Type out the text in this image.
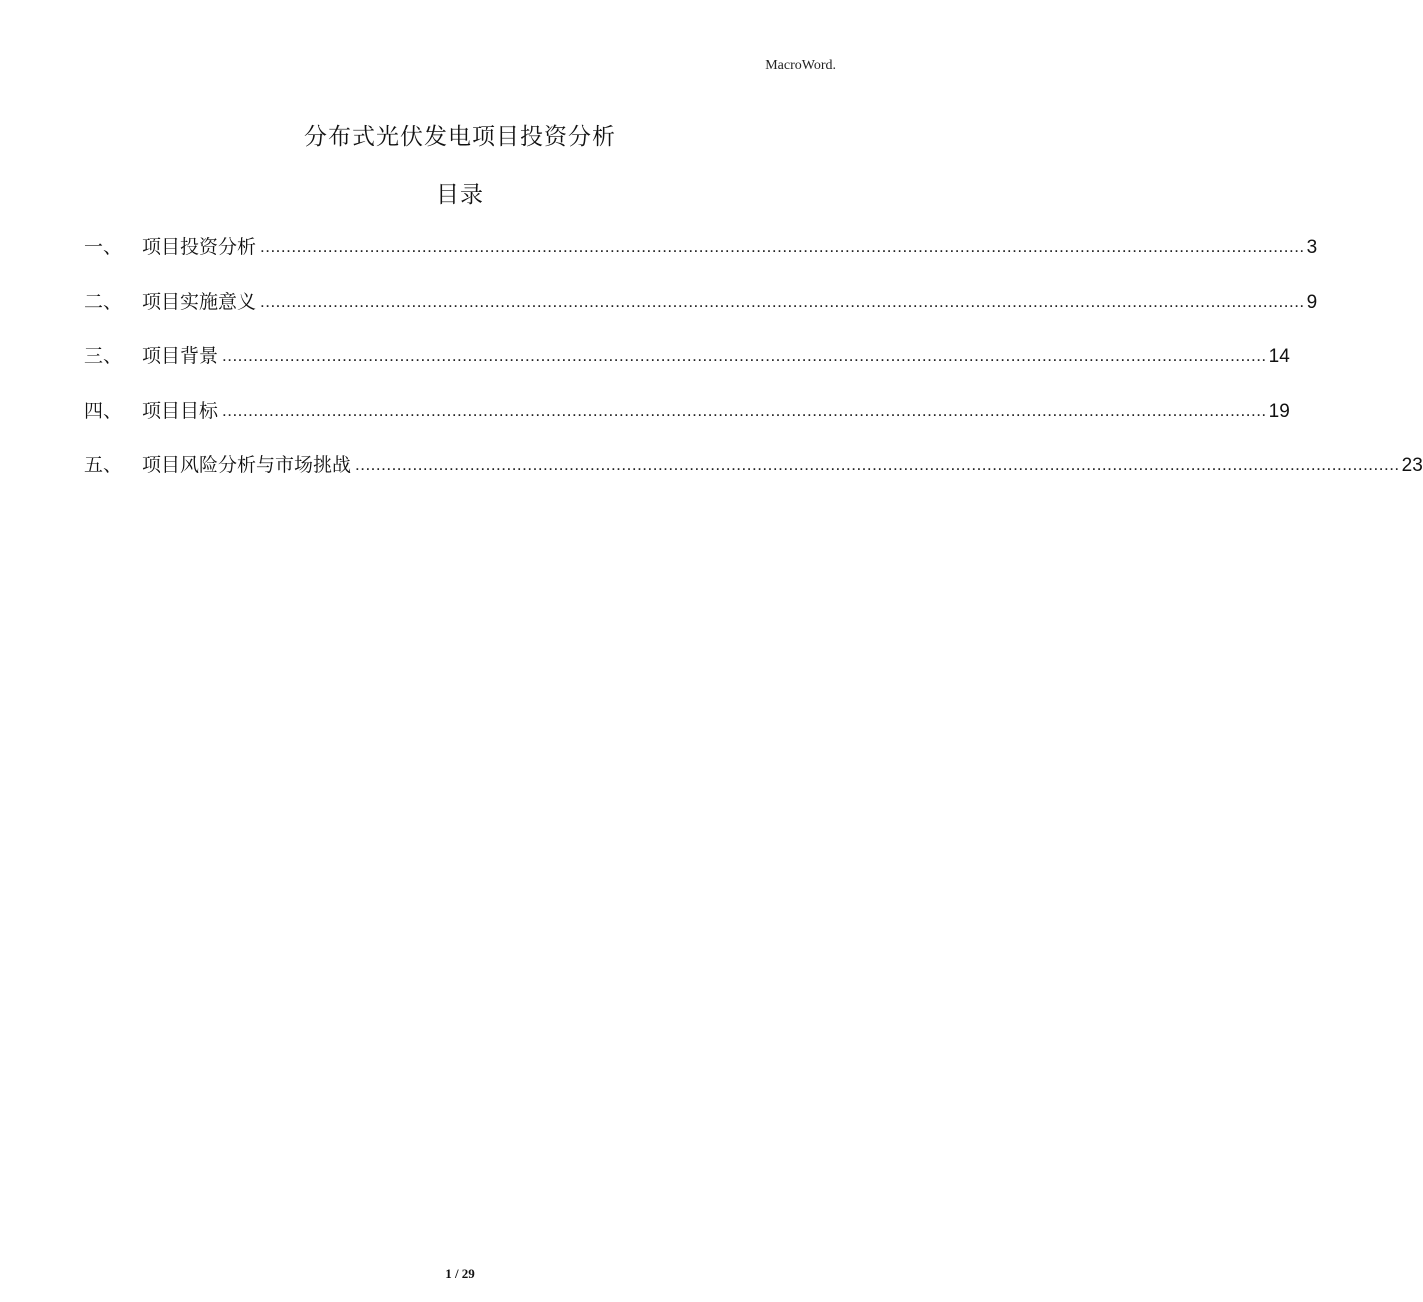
MacroWord.
分布式光伏发电项目投资分析
目录
一、	项目投资分析 ........................................................................................................................................................................................................ 3
二、	项目实施意义 ........................................................................................................................................................................................................ 9
三、	项目背景 ........................................................................................................................................................................................................ 14
四、	项目目标 ........................................................................................................................................................................................................ 19
五、	项目风险分析与市场挑战 ........................................................................................................................................................................................................ 23
1 / 29
